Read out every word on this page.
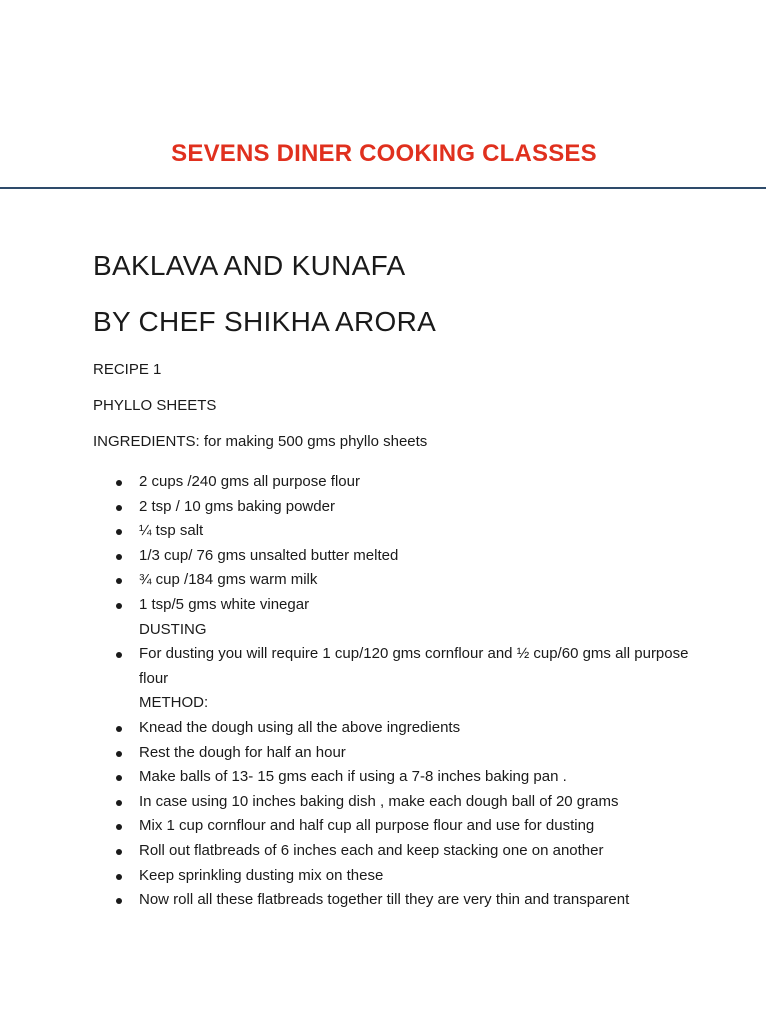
SEVENS DINER COOKING CLASSES
BAKLAVA AND KUNAFA
BY CHEF SHIKHA ARORA
RECIPE 1
PHYLLO SHEETS
INGREDIENTS: for making 500 gms phyllo sheets
2 cups /240 gms all purpose flour
2 tsp / 10 gms baking powder
¼ tsp salt
1/3 cup/ 76 gms unsalted butter melted
¾ cup /184 gms warm milk
1 tsp/5 gms white vinegar
DUSTING
For dusting you will require 1 cup/120 gms cornflour and ½ cup/60 gms all purpose flour
METHOD:
Knead the dough using all the above ingredients
Rest the dough for half an hour
Make balls of 13- 15 gms each if using a 7-8 inches baking pan .
In case using 10 inches baking dish , make each dough ball of 20 grams
Mix 1 cup cornflour and half cup all purpose flour and use for dusting
Roll out flatbreads of 6 inches each and keep stacking one on another
Keep sprinkling dusting mix on these
Now roll all these flatbreads together till they are very thin and transparent
